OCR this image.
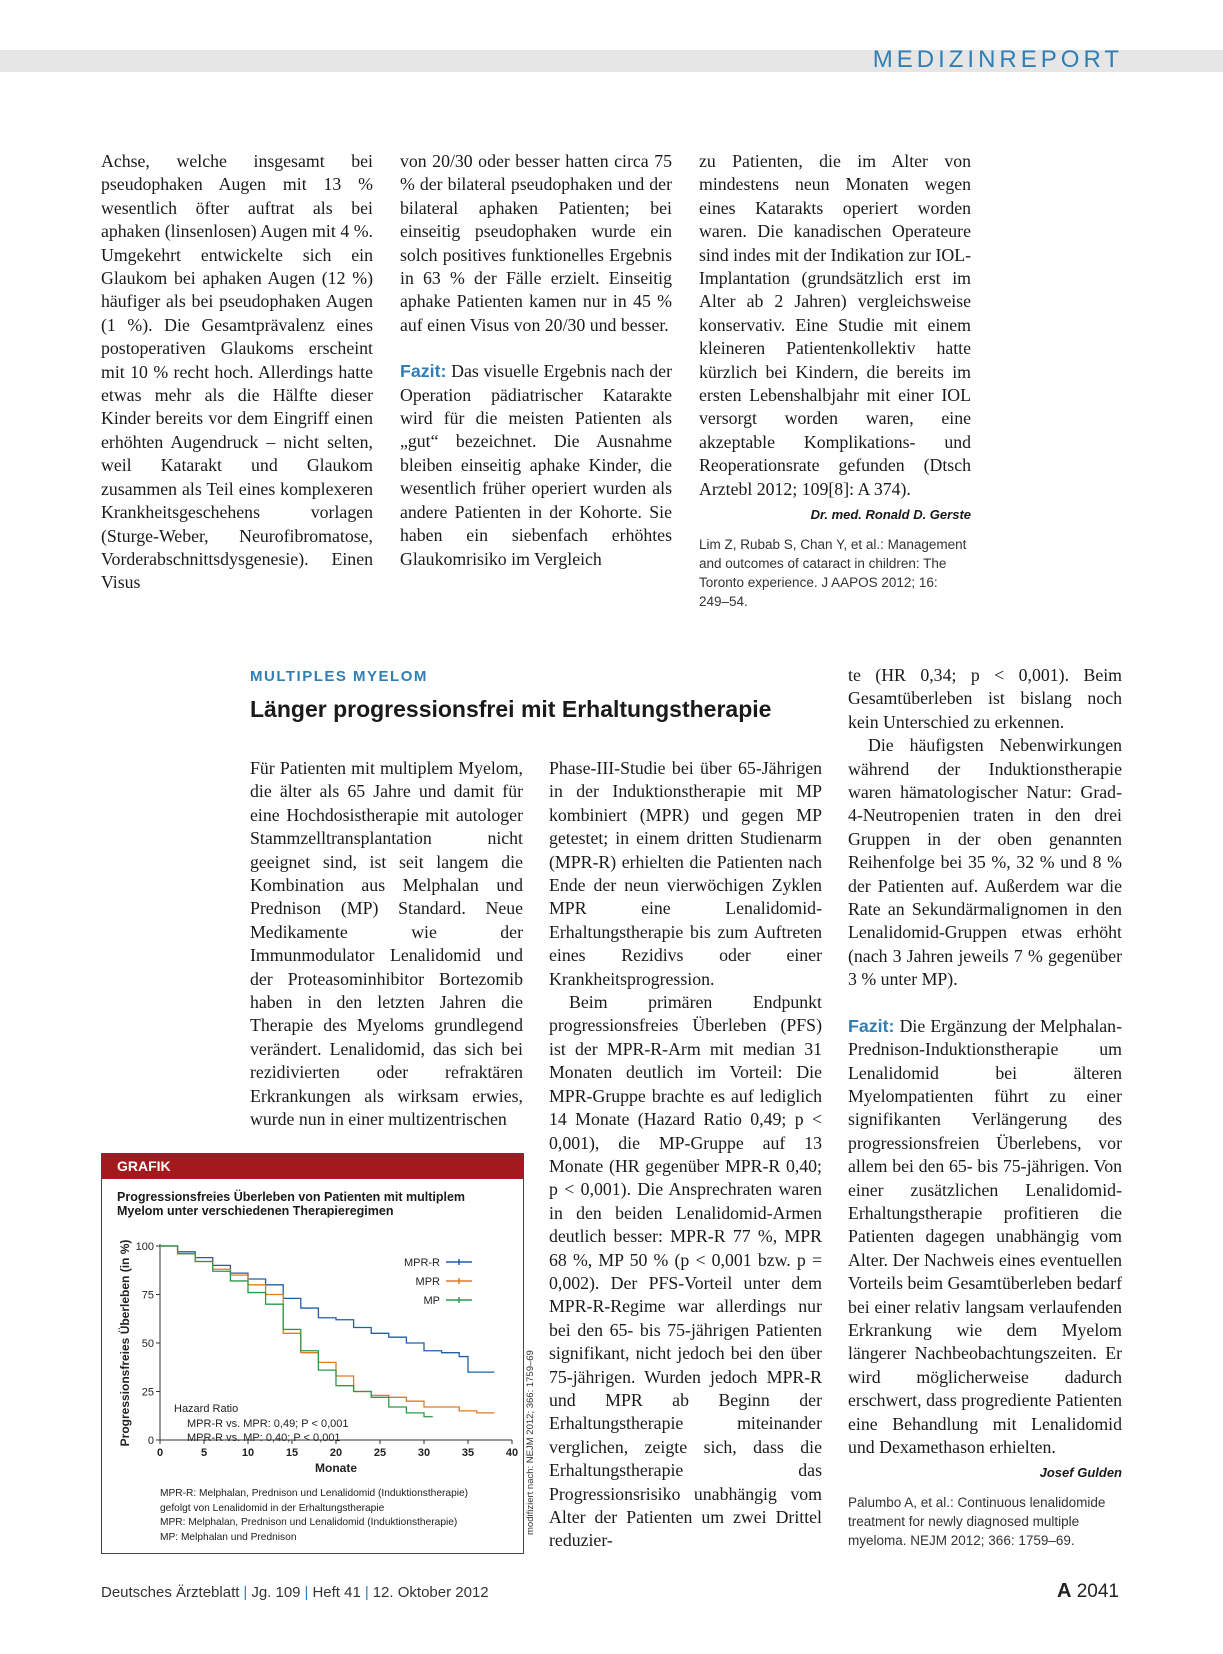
MEDIZINREPORT

Achse, welche insgesamt bei pseudophaken Augen mit 13 % wesentlich öfter auftrat als bei aphaken (linsenlosen) Augen mit 4 %. Umgekehrt entwickelte sich ein Glaukom bei aphaken Augen (12 %) häufiger als bei pseudophaken Augen (1 %). Die Gesamtprävalenz eines postoperativen Glaukoms erscheint mit 10 % recht hoch. Allerdings hatte etwas mehr als die Hälfte dieser Kinder bereits vor dem Eingriff einen erhöhten Augendruck – nicht selten, weil Katarakt und Glaukom zusammen als Teil eines komplexeren Krankheitsgeschehens vorlagen (Sturge-Weber, Neurofibromatose, Vorderabschnittsdysgenesie). Einen Visus

von 20/30 oder besser hatten circa 75 % der bilateral pseudophaken und der bilateral aphaken Patienten; bei einseitig pseudophaken wurde ein solch positives funktionelles Ergebnis in 63 % der Fälle erzielt. Einseitig aphake Patienten kamen nur in 45 % auf einen Visus von 20/30 und besser.

Fazit: Das visuelle Ergebnis nach der Operation pädiatrischer Katarakte wird für die meisten Patienten als „gut“ bezeichnet. Die Ausnahme bleiben einseitig aphake Kinder, die wesentlich früher operiert wurden als andere Patienten in der Kohorte. Sie haben ein siebenfach erhöhtes Glaukomrisiko im Vergleich

zu Patienten, die im Alter von mindestens neun Monaten wegen eines Katarakts operiert worden waren. Die kanadischen Operateure sind indes mit der Indikation zur IOL-Implantation (grundsätzlich erst im Alter ab 2 Jahren) vergleichsweise konservativ. Eine Studie mit einem kleineren Patientenkollektiv hatte kürzlich bei Kindern, die bereits im ersten Lebenshalbjahr mit einer IOL versorgt worden waren, eine akzeptable Komplikations- und Reoperationsrate gefunden (Dtsch Arztebl 2012; 109[8]: A 374).

Dr. med. Ronald D. Gerste
Lim Z, Rubab S, Chan Y, et al.: Management and outcomes of cataract in children: The Toronto experience. J AAPOS 2012; 16: 249–54.
MULTIPLES MYELOM
Länger progressionsfrei mit Erhaltungstherapie

Für Patienten mit multiplem Myelom, die älter als 65 Jahre und damit für eine Hochdosistherapie mit autologer Stammzelltransplantation nicht geeignet sind, ist seit langem die Kombination aus Melphalan und Prednison (MP) Standard. Neue Medikamente wie der Immunmodulator Lenalidomid und der Proteasominhibitor Bortezomib haben in den letzten Jahren die Therapie des Myeloms grundlegend verändert. Lenalidomid, das sich bei rezidivierten oder refraktären Erkrankungen als wirksam erwies, wurde nun in einer multizentrischen

Phase-III-Studie bei über 65-Jährigen in der Induktionstherapie mit MP kombiniert (MPR) und gegen MP getestet; in einem dritten Studienarm (MPR-R) erhielten die Patienten nach Ende der neun vierwöchigen Zyklen MPR eine Lenalidomid-Erhaltungstherapie bis zum Auftreten eines Rezidivs oder einer Krankheitsprogression.

Beim primären Endpunkt progressionsfreies Überleben (PFS) ist der MPR-R-Arm mit median 31 Monaten deutlich im Vorteil: Die MPR-Gruppe brachte es auf lediglich 14 Monate (Hazard Ratio 0,49; p < 0,001), die MP-Gruppe auf 13 Monate (HR gegenüber MPR-R 0,40; p < 0,001). Die Ansprechraten waren in den beiden Lenalidomid-Armen deutlich besser: MPR-R 77 %, MPR 68 %, MP 50 % (p < 0,001 bzw. p = 0,002). Der PFS-Vorteil unter dem MPR-R-Regime war allerdings nur bei den 65- bis 75-jährigen Patienten signifikant, nicht jedoch bei den über 75-jährigen. Wurden jedoch MPR-R und MPR ab Beginn der Erhaltungstherapie miteinander verglichen, zeigte sich, dass die Erhaltungstherapie das Progressionsrisiko unabhängig vom Alter der Patienten um zwei Drittel reduzier-

te (HR 0,34; p < 0,001). Beim Gesamtüberleben ist bislang noch kein Unterschied zu erkennen.

Die häufigsten Nebenwirkungen während der Induktionstherapie waren hämatologischer Natur: Grad-4-Neutropenien traten in den drei Gruppen in der oben genannten Reihenfolge bei 35 %, 32 % und 8 % der Patienten auf. Außerdem war die Rate an Sekundärmalignomen in den Lenalidomid-Gruppen etwas erhöht (nach 3 Jahren jeweils 7 % gegenüber 3 % unter MP).

Fazit: Die Ergänzung der Melphalan-Prednison-Induktionstherapie um Lenalidomid bei älteren Myelompatienten führt zu einer signifikanten Verlängerung des progressionsfreien Überlebens, vor allem bei den 65- bis 75-jährigen. Von einer zusätzlichen Lenalidomid-Erhaltungstherapie profitieren die Patienten dagegen unabhängig vom Alter. Der Nachweis eines eventuellen Vorteils beim Gesamtüberleben bedarf bei einer relativ langsam verlaufenden Erkrankung wie dem Myelom längerer Nachbeobachtungszeiten. Er wird möglicherweise dadurch erschwert, dass progrediente Patienten eine Behandlung mit Lenalidomid und Dexamethason erhielten.

Josef Gulden
Palumbo A, et al.: Continuous lenalidomide treatment for newly diagnosed multiple myeloma. NEJM 2012; 366: 1759–69.
GRAFIK
Progressionsfreies Überleben von Patienten mit multiplem
Myelom unter verschiedenen Therapieregimen
0
25
50
75
100
0	5	10	15	20	25	30	35	40
Monate
Progressionsfreies Überleben (in %)	MPR-R
MPR
MP
Hazard Ratio
MPR-R vs. MPR: 0,49; P < 0,001
MPR-R vs. MP: 0,40; P < 0,001
MPR-R: Melphalan, Prednison und Lenalidomid (Induktionstherapie)
gefolgt von Lenalidomid in der Erhaltungstherapie
MPR: Melphalan, Prednison und Lenalidomid (Induktionstherapie)
MP: Melphalan und Prednison
modifiziert nach: NEJM 2012; 366: 1759–69
Deutsches Ärzteblatt | Jg. 109 | Heft 41 | 12. Oktober 2012	A 2041
